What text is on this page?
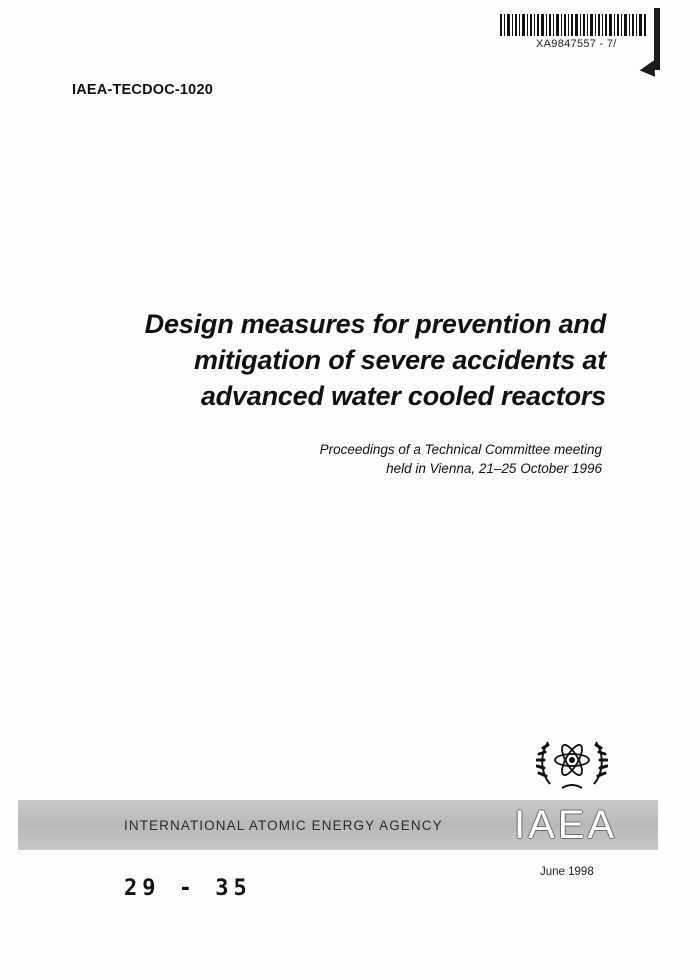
XA9847557 - 7/
IAEA-TECDOC-1020
Design measures for prevention and
mitigation of severe accidents at
advanced water cooled reactors
Proceedings of a Technical Committee meeting
held in Vienna, 21–25 October 1996
INTERNATIONAL ATOMIC ENERGY AGENCY IAEA
June 1998
29 - 35
